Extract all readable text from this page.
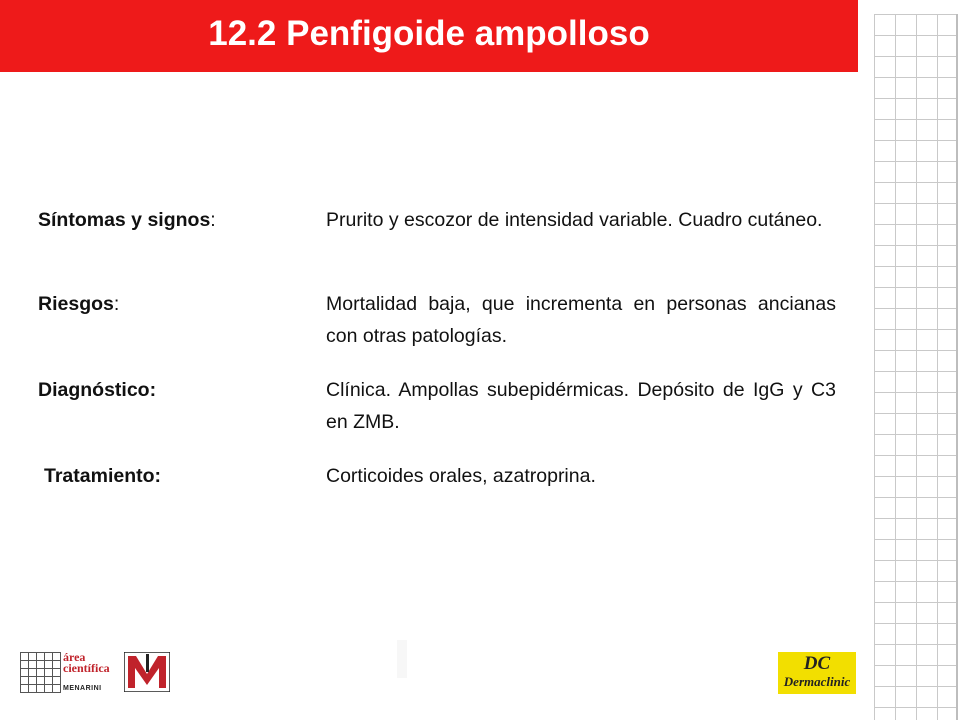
12.2 Penfigoide ampolloso
Síntomas y signos:	Prurito y escozor de intensidad variable. Cuadro cutáneo.
Riesgos:	Mortalidad baja, que incrementa en personas ancianas con otras patologías.
Diagnóstico:	Clínica. Ampollas subepidérmicas. Depósito de IgG y C3 en ZMB.
Tratamiento:	Corticoides orales, azatroprina.
área
científica
MENARINI
DC
Dermaclinic
